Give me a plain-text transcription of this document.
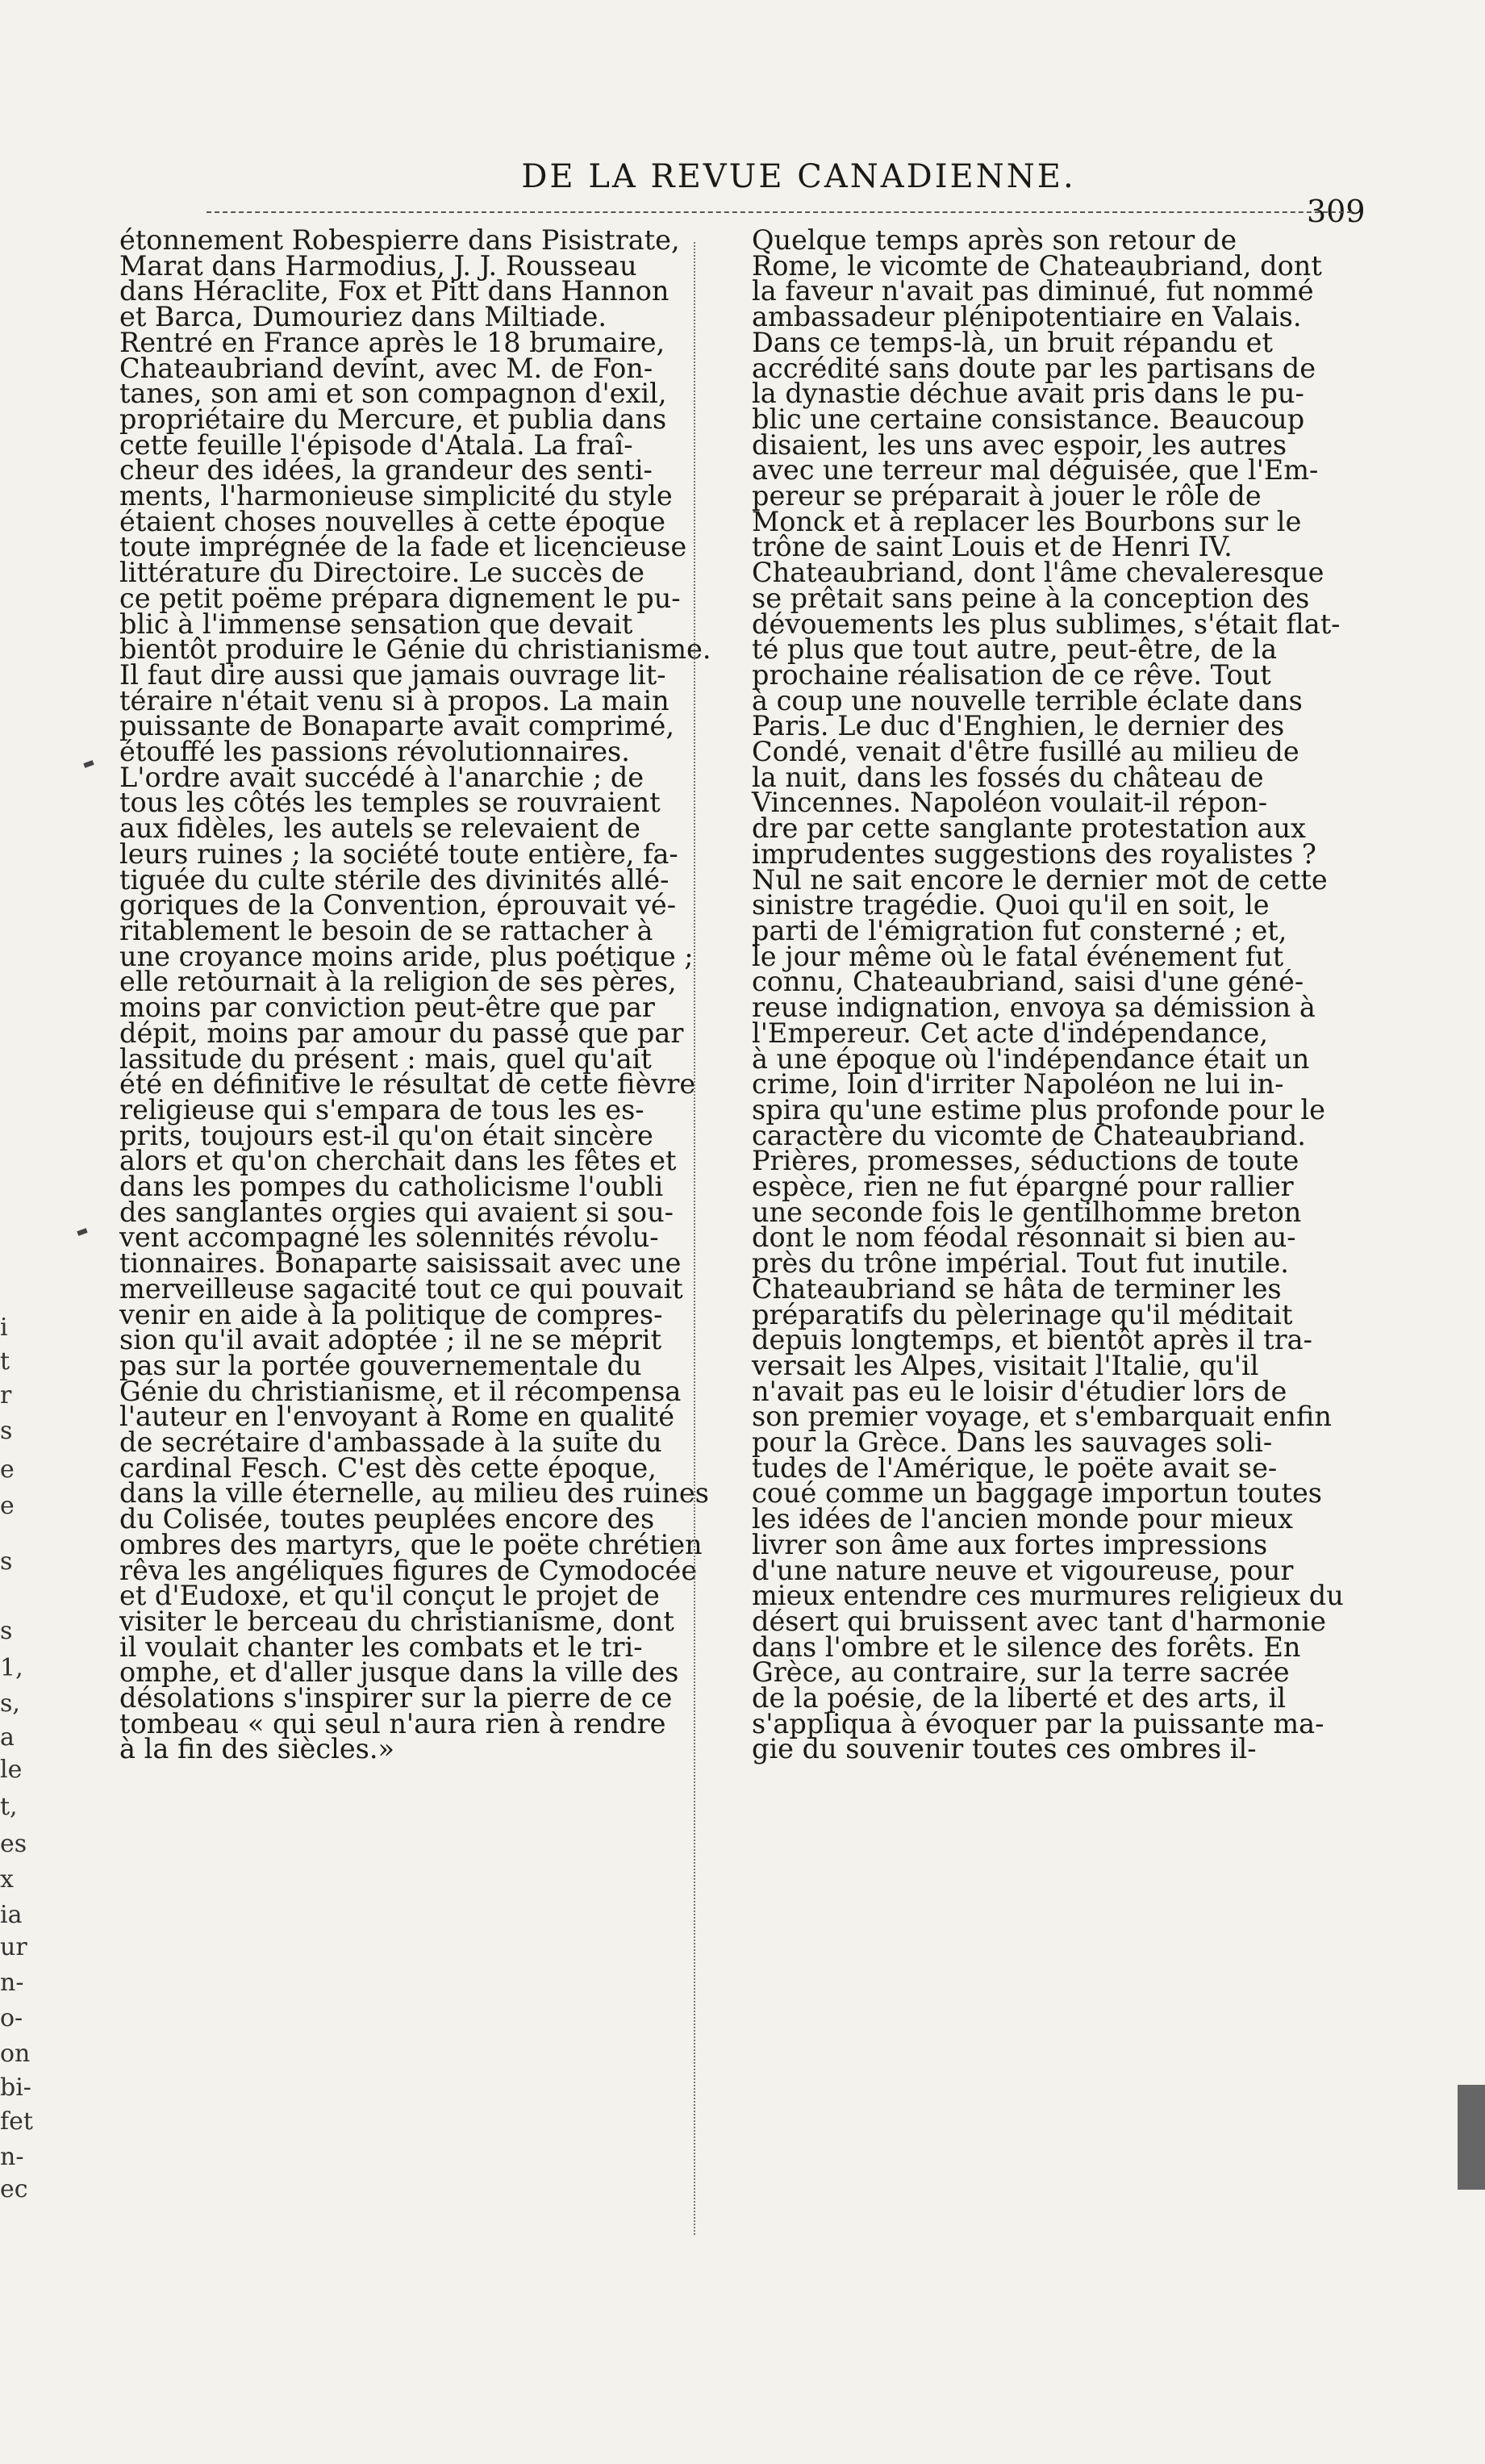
DE LA REVUE CANADIENNE.
309
étonnement Robespierre dans Pisistrate,
Marat dans Harmodius, J. J. Rousseau
dans Héraclite, Fox et Pitt dans Hannon
et Barca, Dumouriez dans Miltiade.
Rentré en France après le 18 brumaire,
Chateaubriand devint, avec M. de Fon-
tanes, son ami et son compagnon d'exil,
propriétaire du Mercure, et publia dans
cette feuille l'épisode d'Atala. La fraî-
cheur des idées, la grandeur des senti-
ments, l'harmonieuse simplicité du style
étaient choses nouvelles à cette époque
toute imprégnée de la fade et licencieuse
littérature du Directoire. Le succès de
ce petit poëme prépara dignement le pu-
blic à l'immense sensation que devait
bientôt produire le Génie du christianisme.
Il faut dire aussi que jamais ouvrage lit-
téraire n'était venu si à propos. La main
puissante de Bonaparte avait comprimé,
étouffé les passions révolutionnaires.
L'ordre avait succédé à l'anarchie ; de
tous les côtés les temples se rouvraient
aux fidèles, les autels se relevaient de
leurs ruines ; la société toute entière, fa-
tiguée du culte stérile des divinités allé-
goriques de la Convention, éprouvait vé-
ritablement le besoin de se rattacher à
une croyance moins aride, plus poétique ;
elle retournait à la religion de ses pères,
moins par conviction peut-être que par
dépit, moins par amour du passé que par
lassitude du présent : mais, quel qu'ait
été en définitive le résultat de cette fièvre
religieuse qui s'empara de tous les es-
prits, toujours est-il qu'on était sincère
alors et qu'on cherchait dans les fêtes et
dans les pompes du catholicisme l'oubli
des sanglantes orgies qui avaient si sou-
vent accompagné les solennités révolu-
tionnaires. Bonaparte saisissait avec une
merveilleuse sagacité tout ce qui pouvait
venir en aide à la politique de compres-
sion qu'il avait adoptée ; il ne se méprit
pas sur la portée gouvernementale du
Génie du christianisme, et il récompensa
l'auteur en l'envoyant à Rome en qualité
de secrétaire d'ambassade à la suite du
cardinal Fesch. C'est dès cette époque,
dans la ville éternelle, au milieu des ruines
du Colisée, toutes peuplées encore des
ombres des martyrs, que le poëte chrétien
rêva les angéliques figures de Cymodocée
et d'Eudoxe, et qu'il conçut le projet de
visiter le berceau du christianisme, dont
il voulait chanter les combats et le tri-
omphe, et d'aller jusque dans la ville des
désolations s'inspirer sur la pierre de ce
tombeau « qui seul n'aura rien à rendre
à la fin des siècles.»
Quelque temps après son retour de
Rome, le vicomte de Chateaubriand, dont
la faveur n'avait pas diminué, fut nommé
ambassadeur plénipotentiaire en Valais.
Dans ce temps-là, un bruit répandu et
accrédité sans doute par les partisans de
la dynastie déchue avait pris dans le pu-
blic une certaine consistance. Beaucoup
disaient, les uns avec espoir, les autres
avec une terreur mal déguisée, que l'Em-
pereur se préparait à jouer le rôle de
Monck et à replacer les Bourbons sur le
trône de saint Louis et de Henri IV.
Chateaubriand, dont l'âme chevaleresque
se prêtait sans peine à la conception des
dévouements les plus sublimes, s'était flat-
té plus que tout autre, peut-être, de la
prochaine réalisation de ce rêve. Tout
à coup une nouvelle terrible éclate dans
Paris. Le duc d'Enghien, le dernier des
Condé, venait d'être fusillé au milieu de
la nuit, dans les fossés du château de
Vincennes. Napoléon voulait-il répon-
dre par cette sanglante protestation aux
imprudentes suggestions des royalistes ?
Nul ne sait encore le dernier mot de cette
sinistre tragédie. Quoi qu'il en soit, le
parti de l'émigration fut consterné ; et,
le jour même où le fatal événement fut
connu, Chateaubriand, saisi d'une géné-
reuse indignation, envoya sa démission à
l'Empereur. Cet acte d'indépendance,
à une époque où l'indépendance était un
crime, loin d'irriter Napoléon ne lui in-
spira qu'une estime plus profonde pour le
caractère du vicomte de Chateaubriand.
Prières, promesses, séductions de toute
espèce, rien ne fut épargné pour rallier
une seconde fois le gentilhomme breton
dont le nom féodal résonnait si bien au-
près du trône impérial. Tout fut inutile.
Chateaubriand se hâta de terminer les
préparatifs du pèlerinage qu'il méditait
depuis longtemps, et bientôt après il tra-
versait les Alpes, visitait l'Italie, qu'il
n'avait pas eu le loisir d'étudier lors de
son premier voyage, et s'embarquait enfin
pour la Grèce. Dans les sauvages soli-
tudes de l'Amérique, le poëte avait se-
coué comme un baggage importun toutes
les idées de l'ancien monde pour mieux
livrer son âme aux fortes impressions
d'une nature neuve et vigoureuse, pour
mieux entendre ces murmures religieux du
désert qui bruissent avec tant d'harmonie
dans l'ombre et le silence des forêts. En
Grèce, au contraire, sur la terre sacrée
de la poésie, de la liberté et des arts, il
s'appliqua à évoquer par la puissante ma-
gie du souvenir toutes ces ombres il-
i
t
r
s
e
e
s
s
1,
s,
a
le
t,
es
x
ia
ur
n-
o-
on
bi-
fet
n-
ec
